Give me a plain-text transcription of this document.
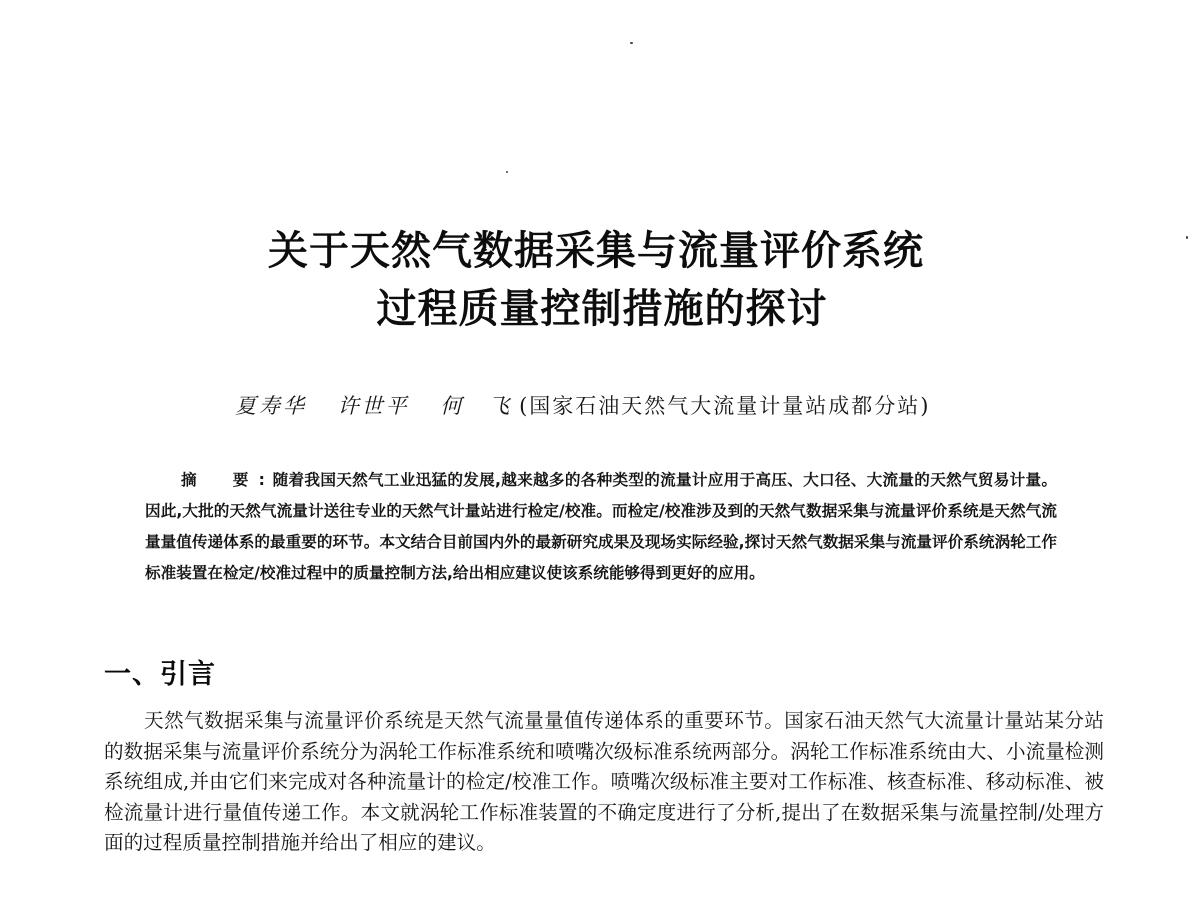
关于天然气数据采集与流量评价系统
过程质量控制措施的探讨
夏寿华 许世平 何　飞 (国家石油天然气大流量计量站成都分站)
摘　要: 随着我国天然气工业迅猛的发展,越来越多的各种类型的流量计应用于高压、大口径、大流量的天然气贸易计量。因此,大批的天然气流量计送往专业的天然气计量站进行检定/校准。而检定/校准涉及到的天然气数据采集与流量评价系统是天然气流量量值传递体系的最重要的环节。本文结合目前国内外的最新研究成果及现场实际经验,探讨天然气数据采集与流量评价系统涡轮工作标准装置在检定/校准过程中的质量控制方法,给出相应建议使该系统能够得到更好的应用。
一、引言
天然气数据采集与流量评价系统是天然气流量量值传递体系的重要环节。国家石油天然气大流量计量站某分站的数据采集与流量评价系统分为涡轮工作标准系统和喷嘴次级标准系统两部分。涡轮工作标准系统由大、小流量检测系统组成,并由它们来完成对各种流量计的检定/校准工作。喷嘴次级标准主要对工作标准、核查标准、移动标准、被检流量计进行量值传递工作。本文就涡轮工作标准装置的不确定度进行了分析,提出了在数据采集与流量控制/处理方面的过程质量控制措施并给出了相应的建议。
